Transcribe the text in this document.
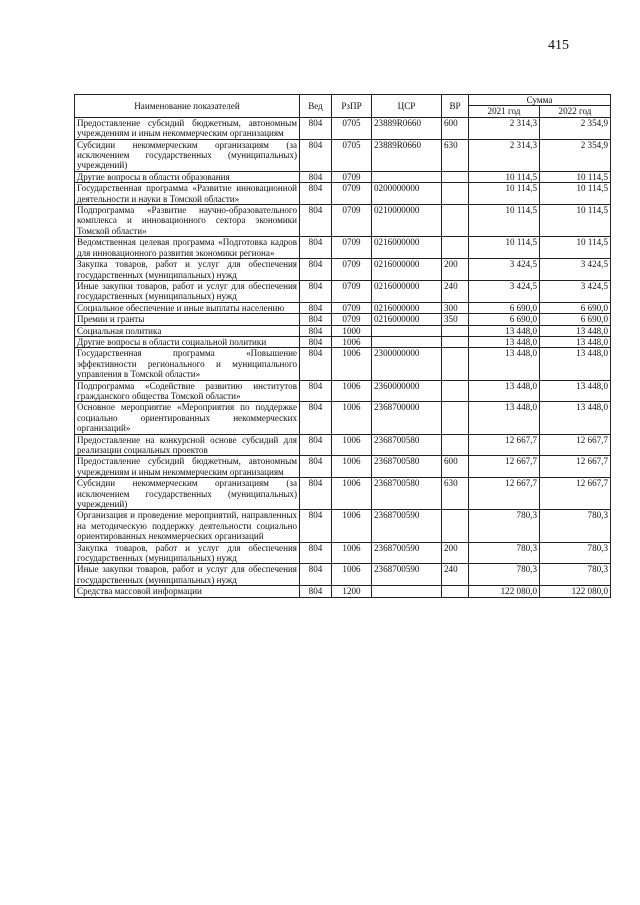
415
Наименование показателей	Вед	РзПР	ЦСР	ВР	Сумма	
					2021 год	2022 год
Предоставление субсидий бюджетным, автономным учреждениям и иным некоммерческим организациям	804	0705	23889R0660	600	2 314,3	2 354,9
Субсидии некоммерческим организациям (за исключением государственных (муниципальных) учреждений)	804	0705	23889R0660	630	2 314,3	2 354,9
Другие вопросы в области образования	804	0709			10 114,5	10 114,5
Государственная программа «Развитие инновационной деятельности и науки в Томской области»	804	0709	0200000000		10 114,5	10 114,5
Подпрограмма «Развитие научно-образовательного комплекса и инновационного сектора экономики Томской области»	804	0709	0210000000		10 114,5	10 114,5
Ведомственная целевая программа «Подготовка кадров для инновационного развития экономики региона»	804	0709	0216000000		10 114,5	10 114,5
Закупка товаров, работ и услуг для обеспечения государственных (муниципальных) нужд	804	0709	0216000000	200	3 424,5	3 424,5
Иные закупки товаров, работ и услуг для обеспечения государственных (муниципальных) нужд	804	0709	0216000000	240	3 424,5	3 424,5
Социальное обеспечение и иные выплаты населению	804	0709	0216000000	300	6 690,0	6 690,0
Премии и гранты	804	0709	0216000000	350	6 690,0	6 690,0
Социальная политика	804	1000			13 448,0	13 448,0
Другие вопросы в области социальной политики	804	1006			13 448,0	13 448,0
Государственная программа «Повышение эффективности регионального и муниципального управления в Томской области»	804	1006	2300000000		13 448,0	13 448,0
Подпрограмма «Содействие развитию институтов гражданского общества Томской области»	804	1006	2360000000		13 448,0	13 448,0
Основное мероприятие «Мероприятия по поддержке социально ориентированных некоммерческих организаций»	804	1006	2368700000		13 448,0	13 448,0
Предоставление на конкурсной основе субсидий для реализации социальных проектов	804	1006	2368700580		12 667,7	12 667,7
Предоставление субсидий бюджетным, автономным учреждениям и иным некоммерческим организациям	804	1006	2368700580	600	12 667,7	12 667,7
Субсидии некоммерческим организациям (за исключением государственных (муниципальных) учреждений)	804	1006	2368700580	630	12 667,7	12 667,7
Организация и проведение мероприятий, направленных на методическую поддержку деятельности социально ориентированных некоммерческих организаций	804	1006	2368700590		780,3	780,3
Закупка товаров, работ и услуг для обеспечения государственных (муниципальных) нужд	804	1006	2368700590	200	780,3	780,3
Иные закупки товаров, работ и услуг для обеспечения государственных (муниципальных) нужд	804	1006	2368700590	240	780,3	780,3
Средства массовой информации	804	1200			122 080,0	122 080,0
